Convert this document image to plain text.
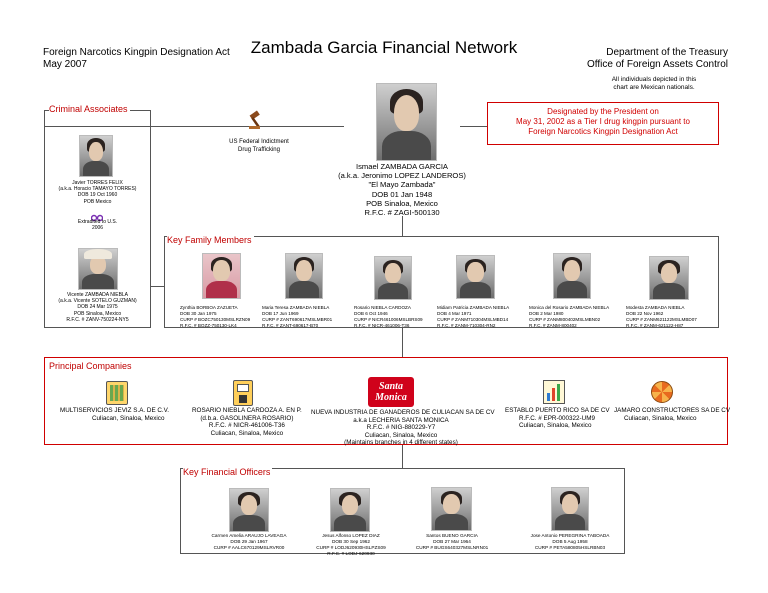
Foreign Narcotics Kingpin Designation Act
May 2007
Zambada Garcia Financial Network	Department of the Treasury
Office of Foreign Assets Control
All individuals depicted in this
chart are Mexican nationals.
Criminal Associates
Javier TORRES FELIX
(a.k.a. Horacio TAMAYO TORRES)
DOB 19 Oct 1960
POB Mexico
Extradited to U.S.
2006
Vicente ZAMBADA NIEBLA
(a.k.a. Vicente SOTELO GUZMAN)
DOB 24 Mar 1975
POB Sinaloa, Mexico
R.F.C. # ZANV-750224-NY5
US Federal Indictment
Drug Trafficking
Ismael ZAMBADA GARCIA
(a.k.a. Jeronimo LOPEZ LANDEROS)
"El Mayo Zambada"
DOB 01 Jan 1948
POB Sinaloa, Mexico
R.F.C. # ZAGI-500130
Designated by the President on
May 31, 2002 as a Tier I drug kingpin pursuant to
Foreign Narcotics Kingpin Designation Act
Key Family Members
Zynthia BORBOA ZAZUETA
DOB 30 Jan 1975
CURP # BOZC750130MSLRZN09
R.F.C. # BOZZ-750130-LK4
Maria Teresa ZAMBADA NIEBLA
DOB 17 Jun 1969
CURP # ZANT690617MSLMBR01
R.F.C. # ZANT-690617-B70
Rosario NIEBLA CARDOZA
DOB 6 Oct 1946
CURP # NICR461006MSLBRS09
R.F.C. # NICR-461006-T36
Midiam Patricia ZAMBADA NIEBLA
DOB 4 Mar 1971
CURP # ZANM710304MSLMBD14
R.F.C. # ZANM-710304-RN2
Monica del Rosario ZAMBADA NIEBLA
DOB 2 Mar 1980
CURP # ZANM800402MSLMBN02
R.F.C. # ZANM-800402
Modesta ZAMBADA NIEBLA
DOB 22 Nov 1962
CURP # ZANM621122MSLMBD07
R.F.C. # ZANM-621122-H87
Principal Companies
MULTISERVICIOS JEVIZ S.A. DE C.V.
Culiacan, Sinaloa, Mexico
ROSARIO NIEBLA CARDOZA A. EN P.
(d.b.a. GASOLINERA ROSARIO)
R.F.C. # NICR-461006-T36
Culiacan, Sinaloa, Mexico
Santa Monica
NUEVA INDUSTRIA DE GANADEROS DE CULIACAN SA DE CV
a.k.a LECHERIA SANTA MONICA
R.F.C. # NIG-880229-Y7
Culiacan, Sinaloa, Mexico
(Maintains branches in 4 different states)
ESTABLO PUERTO RICO SA DE CV
R.F.C. # EPR-000322-UM9
Culiacan, Sinaloa, Mexico
JAMARO CONSTRUCTORES SA DE CV
Culiacan, Sinaloa, Mexico
Key Financial Officers
Carmen Amelia ARAUJO LAVEAGA
DOB 29 Jan 1967
CURP # AALC670129MSLRVR00
Jesus Alfonso LOPEZ DIAZ
DOB 30 Sep 1962
CURP # LODJ620930HSLPZS09
R.F.C. # LODJ-620930
Santos BUENO GARCIA
DOB 27 Mar 1964
CURP # BUGS640327MSLNRN01
Jose Antonio PEREGRINA TABOADA
DOB 5 Aug 1958
CURP # PETA580805HSLRBN03
